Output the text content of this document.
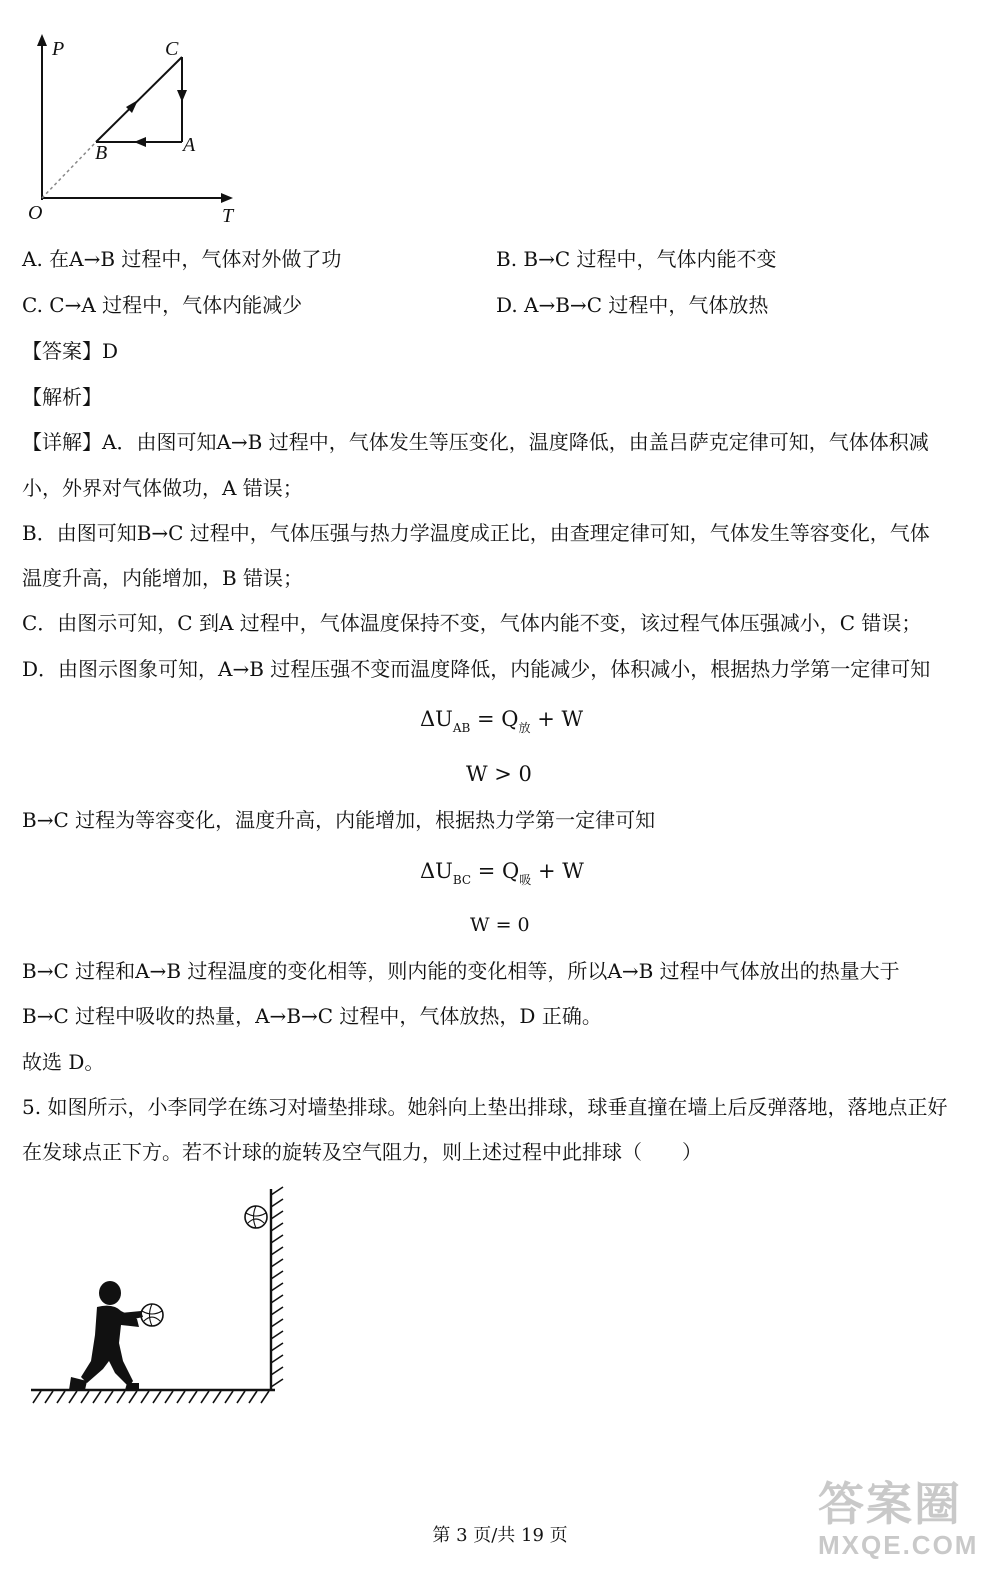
P
T
O
C
A
B
A. 在A→B 过程中，气体对外做了功	B. B→C 过程中，气体内能不变
C. C→A 过程中，气体内能减少	D. A→B→C 过程中，气体放热
【答案】D
【解析】
【详解】A．由图可知A→B 过程中，气体发生等压变化，温度降低，由盖吕萨克定律可知，气体体积减
小，外界对气体做功，A 错误；
B．由图可知B→C 过程中，气体压强与热力学温度成正比，由查理定律可知，气体发生等容变化，气体
温度升高，内能增加，B 错误；
C．由图示可知，C 到A 过程中，气体温度保持不变，气体内能不变，该过程气体压强减小，C 错误；
D．由图示图象可知，A→B 过程压强不变而温度降低，内能减少，体积减小，根据热力学第一定律可知
$\Delta U_{AB} = Q_放 + W$
W > 0
B→C 过程为等容变化，温度升高，内能增加，根据热力学第一定律可知
$\Delta U_{BC} = Q_吸 + W$
W = 0
B→C 过程和A→B 过程温度的变化相等，则内能的变化相等，所以A→B 过程中气体放出的热量大于
B→C 过程中吸收的热量，A→B→C 过程中，气体放热，D 正确。
故选 D。
5. 如图所示，小李同学在练习对墙垫排球。她斜向上垫出排球，球垂直撞在墙上后反弹落地，落地点正好
在发球点正下方。若不计球的旋转及空气阻力，则上述过程中此排球（　　）
第 3 页/共 19 页
答案圈
MXQE.COM
